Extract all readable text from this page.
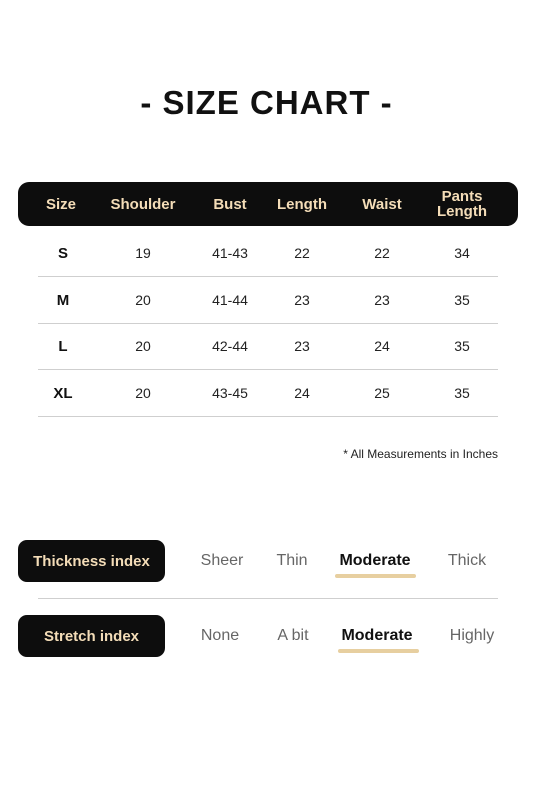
- SIZE CHART -
Size	Shoulder	Bust	Length	Waist	Pants Length
S	19	41-43	22	22	34
M	20	41-44	23	23	35
L	20	42-44	23	24	35
XL	20	43-45	24	25	35
* All Measurements in Inches
Thickness index	Sheer	Thin	Moderate	Thick
Stretch index	None	A bit	Moderate	Highly
